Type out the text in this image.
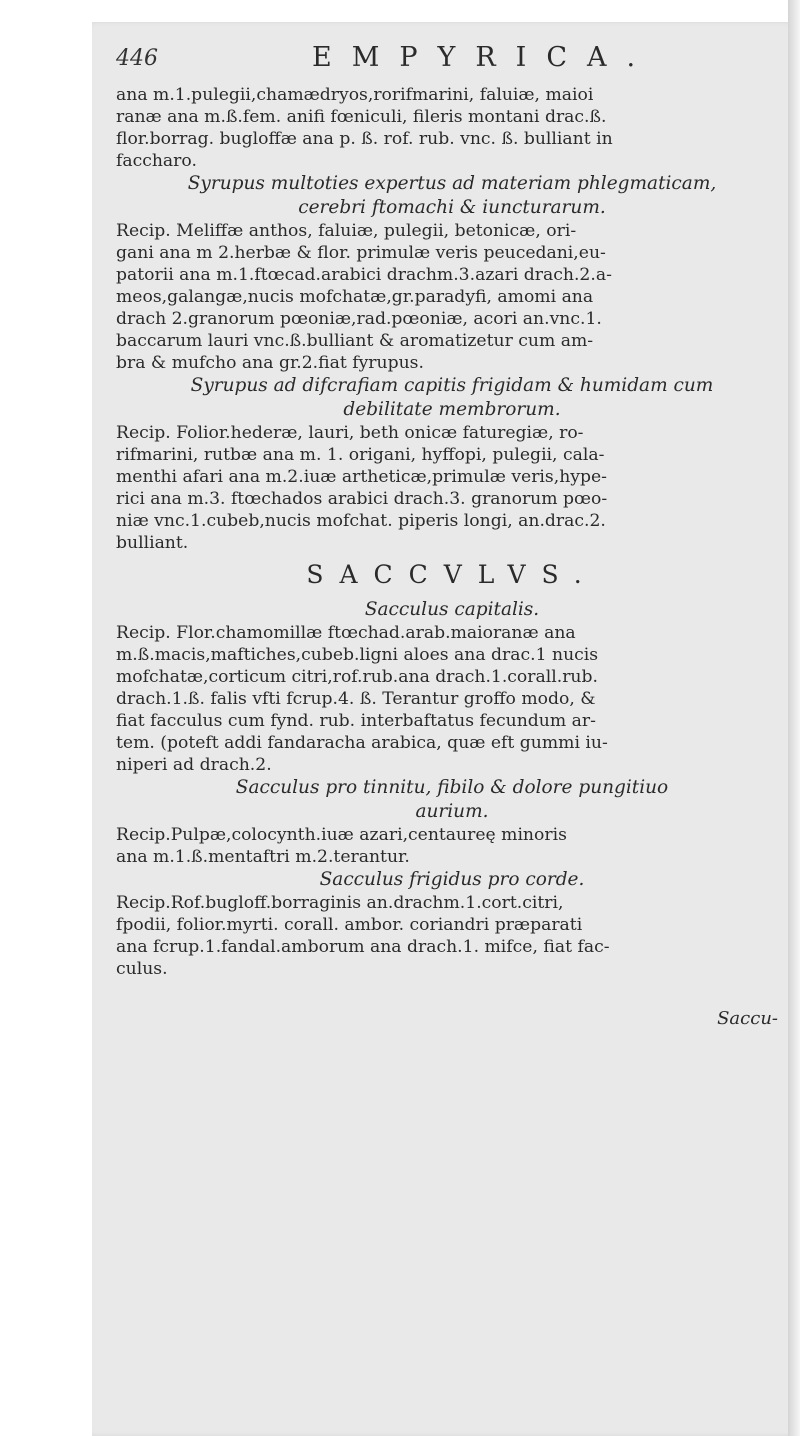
446	EMPYRICA.
ana m.1.pulegii,chamædryos,rorifmarini, faluiæ, maioi
ranæ ana m.ß.fem. anifi fœniculi, fileris montani drac.ß.
flor.borrag. bugloffæ ana p. ß. rof. rub. vnc. ß. bulliant in
faccharo.
Syrupus multoties expertus ad materiam phlegmaticam,
cerebri ftomachi & iuncturarum.
Recip. Meliffæ anthos, faluiæ, pulegii, betonicæ, ori-
gani ana m 2.herbæ & flor. primulæ veris peucedani,eu-
patorii ana m.1.ftœcad.arabici drachm.3.azari drach.2.a-
mеos,galangæ,nucis mofchatæ,gr.paradyfi, amomi ana
drach 2.granorum pœoniæ,rad.pœoniæ, acori an.vnc.1.
baccarum lauri vnc.ß.bulliant & aromatizetur cum am-
bra & mufcho ana gr.2.fiat fyrupus.
Syrupus ad difcrafiam capitis frigidam & humidam cum
debilitate membrorum.
Recip. Folior.hederæ, lauri, beth onicæ faturegiæ, ro-
rifmarini, rutbæ ana m. 1. origani, hyffopi, pulegii, cala-
menthi afari ana m.2.iuæ artheticæ,primulæ veris,hype-
rici ana m.3. ftœchados arabici drach.3. granorum pœo-
niæ vnc.1.cubeb,nucis mofchat. piperis longi, an.drac.2.
bulliant.
SACCVLVS.
Sacculus capitalis.
Recip. Flor.chamomillæ ftœchad.arab.maioranæ ana
m.ß.macis,maftiches,cubeb.ligni aloes ana drac.1 nucis
mofchatæ,corticum citri,rof.rub.ana drach.1.corall.rub.
drach.1.ß. falis vfti fcrup.4. ß. Terantur groffo modo, &
fiat facculus cum fynd. rub. interbaftatus fecundum ar-
tem. (poteft addi fandaracha arabica, quæ eft gummi iu-
niperi ad drach.2.
Sacculus pro tinnitu, fibilo & dolore pungitiuo
aurium.
Recip.Pulpæ,colocynth.iuæ azari,centaureę minoris
ana m.1.ß.mentaftri m.2.terantur.
Sacculus frigidus pro corde.
Recip.Rof.bugloff.borraginis an.drachm.1.cort.citri,
fpodii, folior.myrti. corall. ambor. coriandri præparati
ana fcrup.1.fandal.amborum ana drach.1. mifce, fiat fac-
culus.
Saccu-
